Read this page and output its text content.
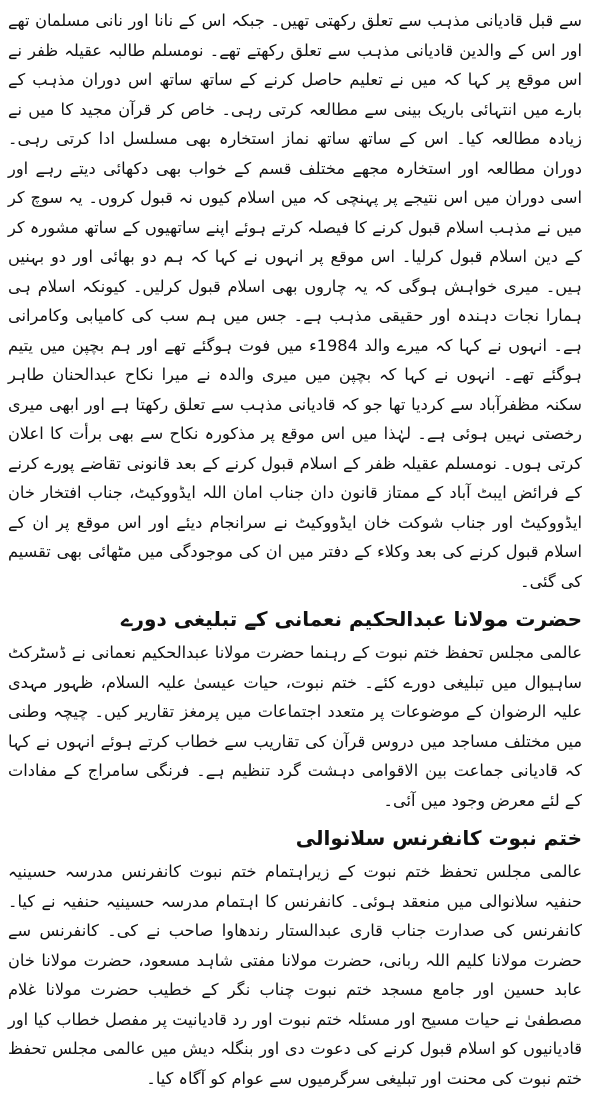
سے قبل قادیانی مذہب سے تعلق رکھتی تھیں۔ جبکہ اس کے نانا اور نانی مسلمان تھے اور اس کے والدین قادیانی مذہب سے تعلق رکھتے تھے۔ نومسلم طالبہ عقیلہ ظفر نے اس موقع پر کہا کہ میں نے تعلیم حاصل کرنے کے ساتھ ساتھ اس دوران مذہب کے بارے میں انتہائی باریک بینی سے مطالعہ کرتی رہی۔ خاص کر قرآن مجید کا میں نے زیادہ مطالعہ کیا۔ اس کے ساتھ ساتھ نماز استخارہ بھی مسلسل ادا کرتی رہی۔ دوران مطالعہ اور استخارہ مجھے مختلف قسم کے خواب بھی دکھائی دیتے رہے اور اسی دوران میں اس نتیجے پر پہنچی کہ میں اسلام کیوں نہ قبول کروں۔ یہ سوچ کر میں نے مذہب اسلام قبول کرنے کا فیصلہ کرتے ہوئے اپنے ساتھیوں کے ساتھ مشورہ کر کے دین اسلام قبول کرلیا۔ اس موقع پر انہوں نے کہا کہ ہم دو بھائی اور دو بہنیں ہیں۔ میری خواہش ہوگی کہ یہ چاروں بھی اسلام قبول کرلیں۔ کیونکہ اسلام ہی ہمارا نجات دہندہ اور حقیقی مذہب ہے۔ جس میں ہم سب کی کامیابی وکامرانی ہے۔ انہوں نے کہا کہ میرے والد 1984ء میں فوت ہوگئے تھے اور ہم بچپن میں یتیم ہوگئے تھے۔ انہوں نے کہا کہ بچپن میں میری والدہ نے میرا نکاح عبدالحنان طاہر سکنہ مظفرآباد سے کردیا تھا جو کہ قادیانی مذہب سے تعلق رکھتا ہے اور ابھی میری رخصتی نہیں ہوئی ہے۔ لہٰذا میں اس موقع پر مذکورہ نکاح سے بھی برأت کا اعلان کرتی ہوں۔ نومسلم عقیلہ ظفر کے اسلام قبول کرنے کے بعد قانونی تقاضے پورے کرنے کے فرائض ایبٹ آباد کے ممتاز قانون دان جناب امان اللہ ایڈووکیٹ، جناب افتخار خان ایڈووکیٹ اور جناب شوکت خان ایڈووکیٹ نے سرانجام دیئے اور اس موقع پر ان کے اسلام قبول کرنے کی بعد وکلاء کے دفتر میں ان کی موجودگی میں مٹھائی بھی تقسیم کی گئی۔

حضرت مولانا عبدالحکیم نعمانی کے تبلیغی دورے

عالمی مجلس تحفظ ختم نبوت کے رہنما حضرت مولانا عبدالحکیم نعمانی نے ڈسٹرکٹ ساہیوال میں تبلیغی دورے کئے۔ ختم نبوت، حیات عیسیٰ علیہ السلام، ظہور مہدی علیہ الرضوان کے موضوعات پر متعدد اجتماعات میں پرمغز تقاریر کیں۔ چیچہ وطنی میں مختلف مساجد میں دروس قرآن کی تقاریب سے خطاب کرتے ہوئے انہوں نے کہا کہ قادیانی جماعت بین الاقوامی دہشت گرد تنظیم ہے۔ فرنگی سامراج کے مفادات کے لئے معرض وجود میں آئی۔

ختم نبوت کانفرنس سلانوالی

عالمی مجلس تحفظ ختم نبوت کے زیراہتمام ختم نبوت کانفرنس مدرسہ حسینیہ حنفیہ سلانوالی میں منعقد ہوئی۔ کانفرنس کا اہتمام مدرسہ حسینیہ حنفیہ نے کیا۔ کانفرنس کی صدارت جناب قاری عبدالستار رندھاوا صاحب نے کی۔ کانفرنس سے حضرت مولانا کلیم اللہ ربانی، حضرت مولانا مفتی شاہد مسعود، حضرت مولانا خان عابد حسین اور جامع مسجد ختم نبوت چناب نگر کے خطیب حضرت مولانا غلام مصطفیٰ نے حیات مسیح اور مسئلہ ختم نبوت اور رد قادیانیت پر مفصل خطاب کیا اور قادیانیوں کو اسلام قبول کرنے کی دعوت دی اور بنگلہ دیش میں عالمی مجلس تحفظ ختم نبوت کی محنت اور تبلیغی سرگرمیوں سے عوام کو آگاہ کیا۔
